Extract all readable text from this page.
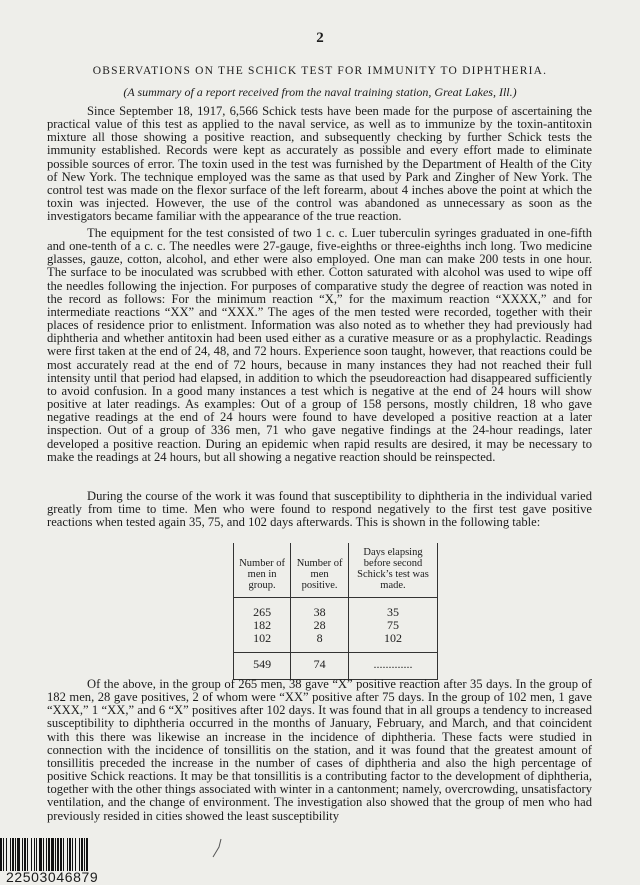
2
OBSERVATIONS ON THE SCHICK TEST FOR IMMUNITY TO DIPHTHERIA.
(A summary of a report received from the naval training station, Great Lakes, Ill.)

Since September 18, 1917, 6,566 Schick tests have been made for the purpose of ascertaining the practical value of this test as applied to the naval service, as well as to immunize by the toxin-antitoxin mixture all those showing a positive reaction, and subsequently checking by further Schick tests the immunity established. Records were kept as accurately as possible and every effort made to eliminate possible sources of error. The toxin used in the test was furnished by the Department of Health of the City of New York. The technique employed was the same as that used by Park and Zingher of New York. The control test was made on the flexor surface of the left forearm, about 4 inches above the point at which the toxin was injected. However, the use of the control was abandoned as unnecessary as soon as the investigators became familiar with the appearance of the true reaction.

The equipment for the test consisted of two 1 c. c. Luer tuberculin syringes graduated in one-fifth and one-tenth of a c. c. The needles were 27-gauge, five-eighths or three-eighths inch long. Two medicine glasses, gauze, cotton, alcohol, and ether were also employed. One man can make 200 tests in one hour. The surface to be inoculated was scrubbed with ether. Cotton saturated with alcohol was used to wipe off the needles following the injection. For purposes of comparative study the degree of reaction was noted in the record as follows: For the minimum reaction “X,” for the maximum reaction “XXXX,” and for intermediate reactions “XX” and “XXX.” The ages of the men tested were recorded, together with their places of residence prior to enlistment. Information was also noted as to whether they had previously had diphtheria and whether antitoxin had been used either as a curative measure or as a prophylactic. Readings were first taken at the end of 24, 48, and 72 hours. Experience soon taught, however, that reactions could be most accurately read at the end of 72 hours, because in many instances they had not reached their full intensity until that period had elapsed, in addition to which the pseudoreaction had disappeared sufficiently to avoid confusion. In a good many instances a test which is negative at the end of 24 hours will show positive at later readings. As examples: Out of a group of 158 persons, mostly children, 18 who gave negative readings at the end of 24 hours were found to have developed a positive reaction at a later inspection. Out of a group of 336 men, 71 who gave negative findings at the 24-hour readings, later developed a positive reaction. During an epidemic when rapid results are desired, it may be necessary to make the readings at 24 hours, but all showing a negative reaction should be reinspected.

During the course of the work it was found that susceptibility to diphtheria in the individual varied greatly from time to time. Men who were found to respond negatively to the first test gave positive reactions when tested again 35, 75, and 102 days afterwards. This is shown in the following table:

Number of men in group.	Number of men positive.	Days elapsing before second Schick’s test was made.
265	38	35
182	28	75
102	8	102
549	74	.............

Of the above, in the group of 265 men, 38 gave “X” positive reaction after 35 days. In the group of 182 men, 28 gave positives, 2 of whom were “XX” positive after 75 days. In the group of 102 men, 1 gave “XXX,” 1 “XX,” and 6 “X” positives after 102 days. It was found that in all groups a tendency to increased susceptibility to diphtheria occurred in the months of January, February, and March, and that coincident with this there was likewise an increase in the incidence of diphtheria. These facts were studied in connection with the incidence of tonsillitis on the station, and it was found that the greatest amount of tonsillitis preceded the increase in the number of cases of diphtheria and also the high percentage of positive Schick reactions. It may be that tonsillitis is a contributing factor to the development of diphtheria, together with the other things associated with winter in a cantonment; namely, overcrowding, unsatisfactory ventilation, and the change of environment. The investigation also showed that the group of men who had previously resided in cities showed the least susceptibility

22503046879
